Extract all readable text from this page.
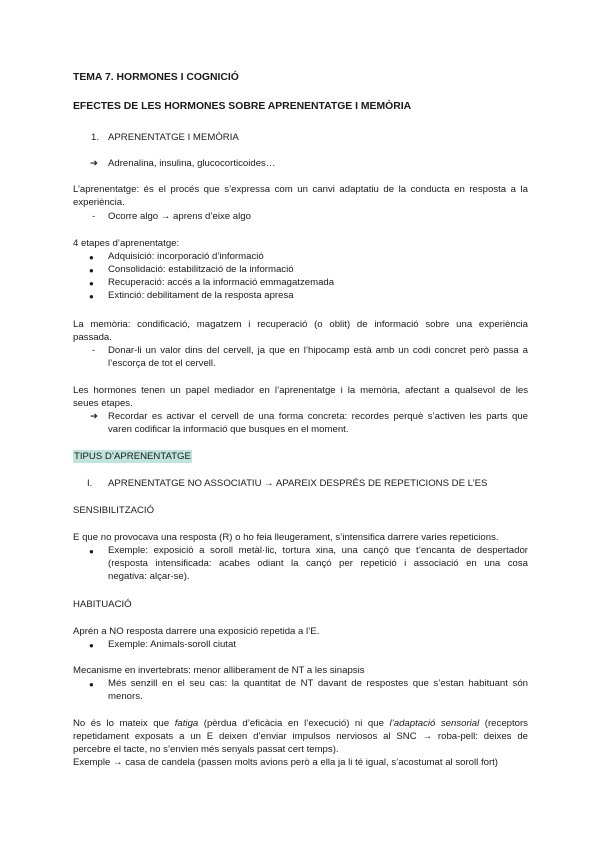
TEMA 7. HORMONES I COGNICIÓ
EFECTES DE LES HORMONES SOBRE APRENENTATGE I MEMÒRIA
1. APRENENTATGE I MEMÒRIA
➔ Adrenalina, insulina, glucocorticoides…
L’aprenentatge: és el procés que s’expressa com un canvi adaptatiu de la conducta en resposta a la
experiència.
- Ocorre algo → aprens d’eixe algo
4 etapes d’aprenentatge:
● Adquisició: incorporació d’informació
● Consolidació: estabilització de la informació
● Recuperació: accés a la informació emmagatzemada
● Extinció: debilitament de la resposta apresa
La memòria: condificació, magatzem i recuperació (o oblit) de informació sobre una experiència
passada.
- Donar-li un valor dins del cervell, ja que en l’hipocamp està amb un codi concret però passa a
l’escorça de tot el cervell.
Les hormones tenen un papel mediador en l’aprenentatge i la memòria, afectant a qualsevol de les
seues etapes.
➔ Recordar es activar el cervell de una forma concreta: recordes perquè s’activen les parts que
varen codificar la informació que busques en el moment.
TIPUS D’APRENENTATGE
I. APRENENTATGE NO ASSOCIATIU → APAREIX DESPRÉS DE REPETICIONS DE L’ES
SENSIBILITZACIÓ
E que no provocava una resposta (R) o ho feia lleugerament, s’intensifica darrere varies repeticions.
● Exemple: exposició a soroll metàl·lic, tortura xina, una cançó que t’encanta de despertador
(resposta intensificada: acabes odiant la cançó per repetició i associació en una cosa
negativa: alçar-se).
HABITUACIÓ
Aprén a NO resposta darrere una exposició repetida a l’E.
● Exemple: Animals-soroll ciutat
Mecanisme en invertebrats: menor alliberament de NT a les sinapsis
● Més senzill en el seu cas: la quantitat de NT davant de respostes que s’estan habituant són
menors.
No és lo mateix que fatiga (pèrdua d’eficàcia en l’execució) ni que l’adaptació sensorial (receptors
repetidament exposats a un E deixen d’enviar impulsos nerviosos al SNC → roba-pell: deixes de
percebre el tacte, no s’envien més senyals passat cert temps).
Exemple → casa de candela (passen molts avions però a ella ja li té igual, s’acostumat al soroll fort)
